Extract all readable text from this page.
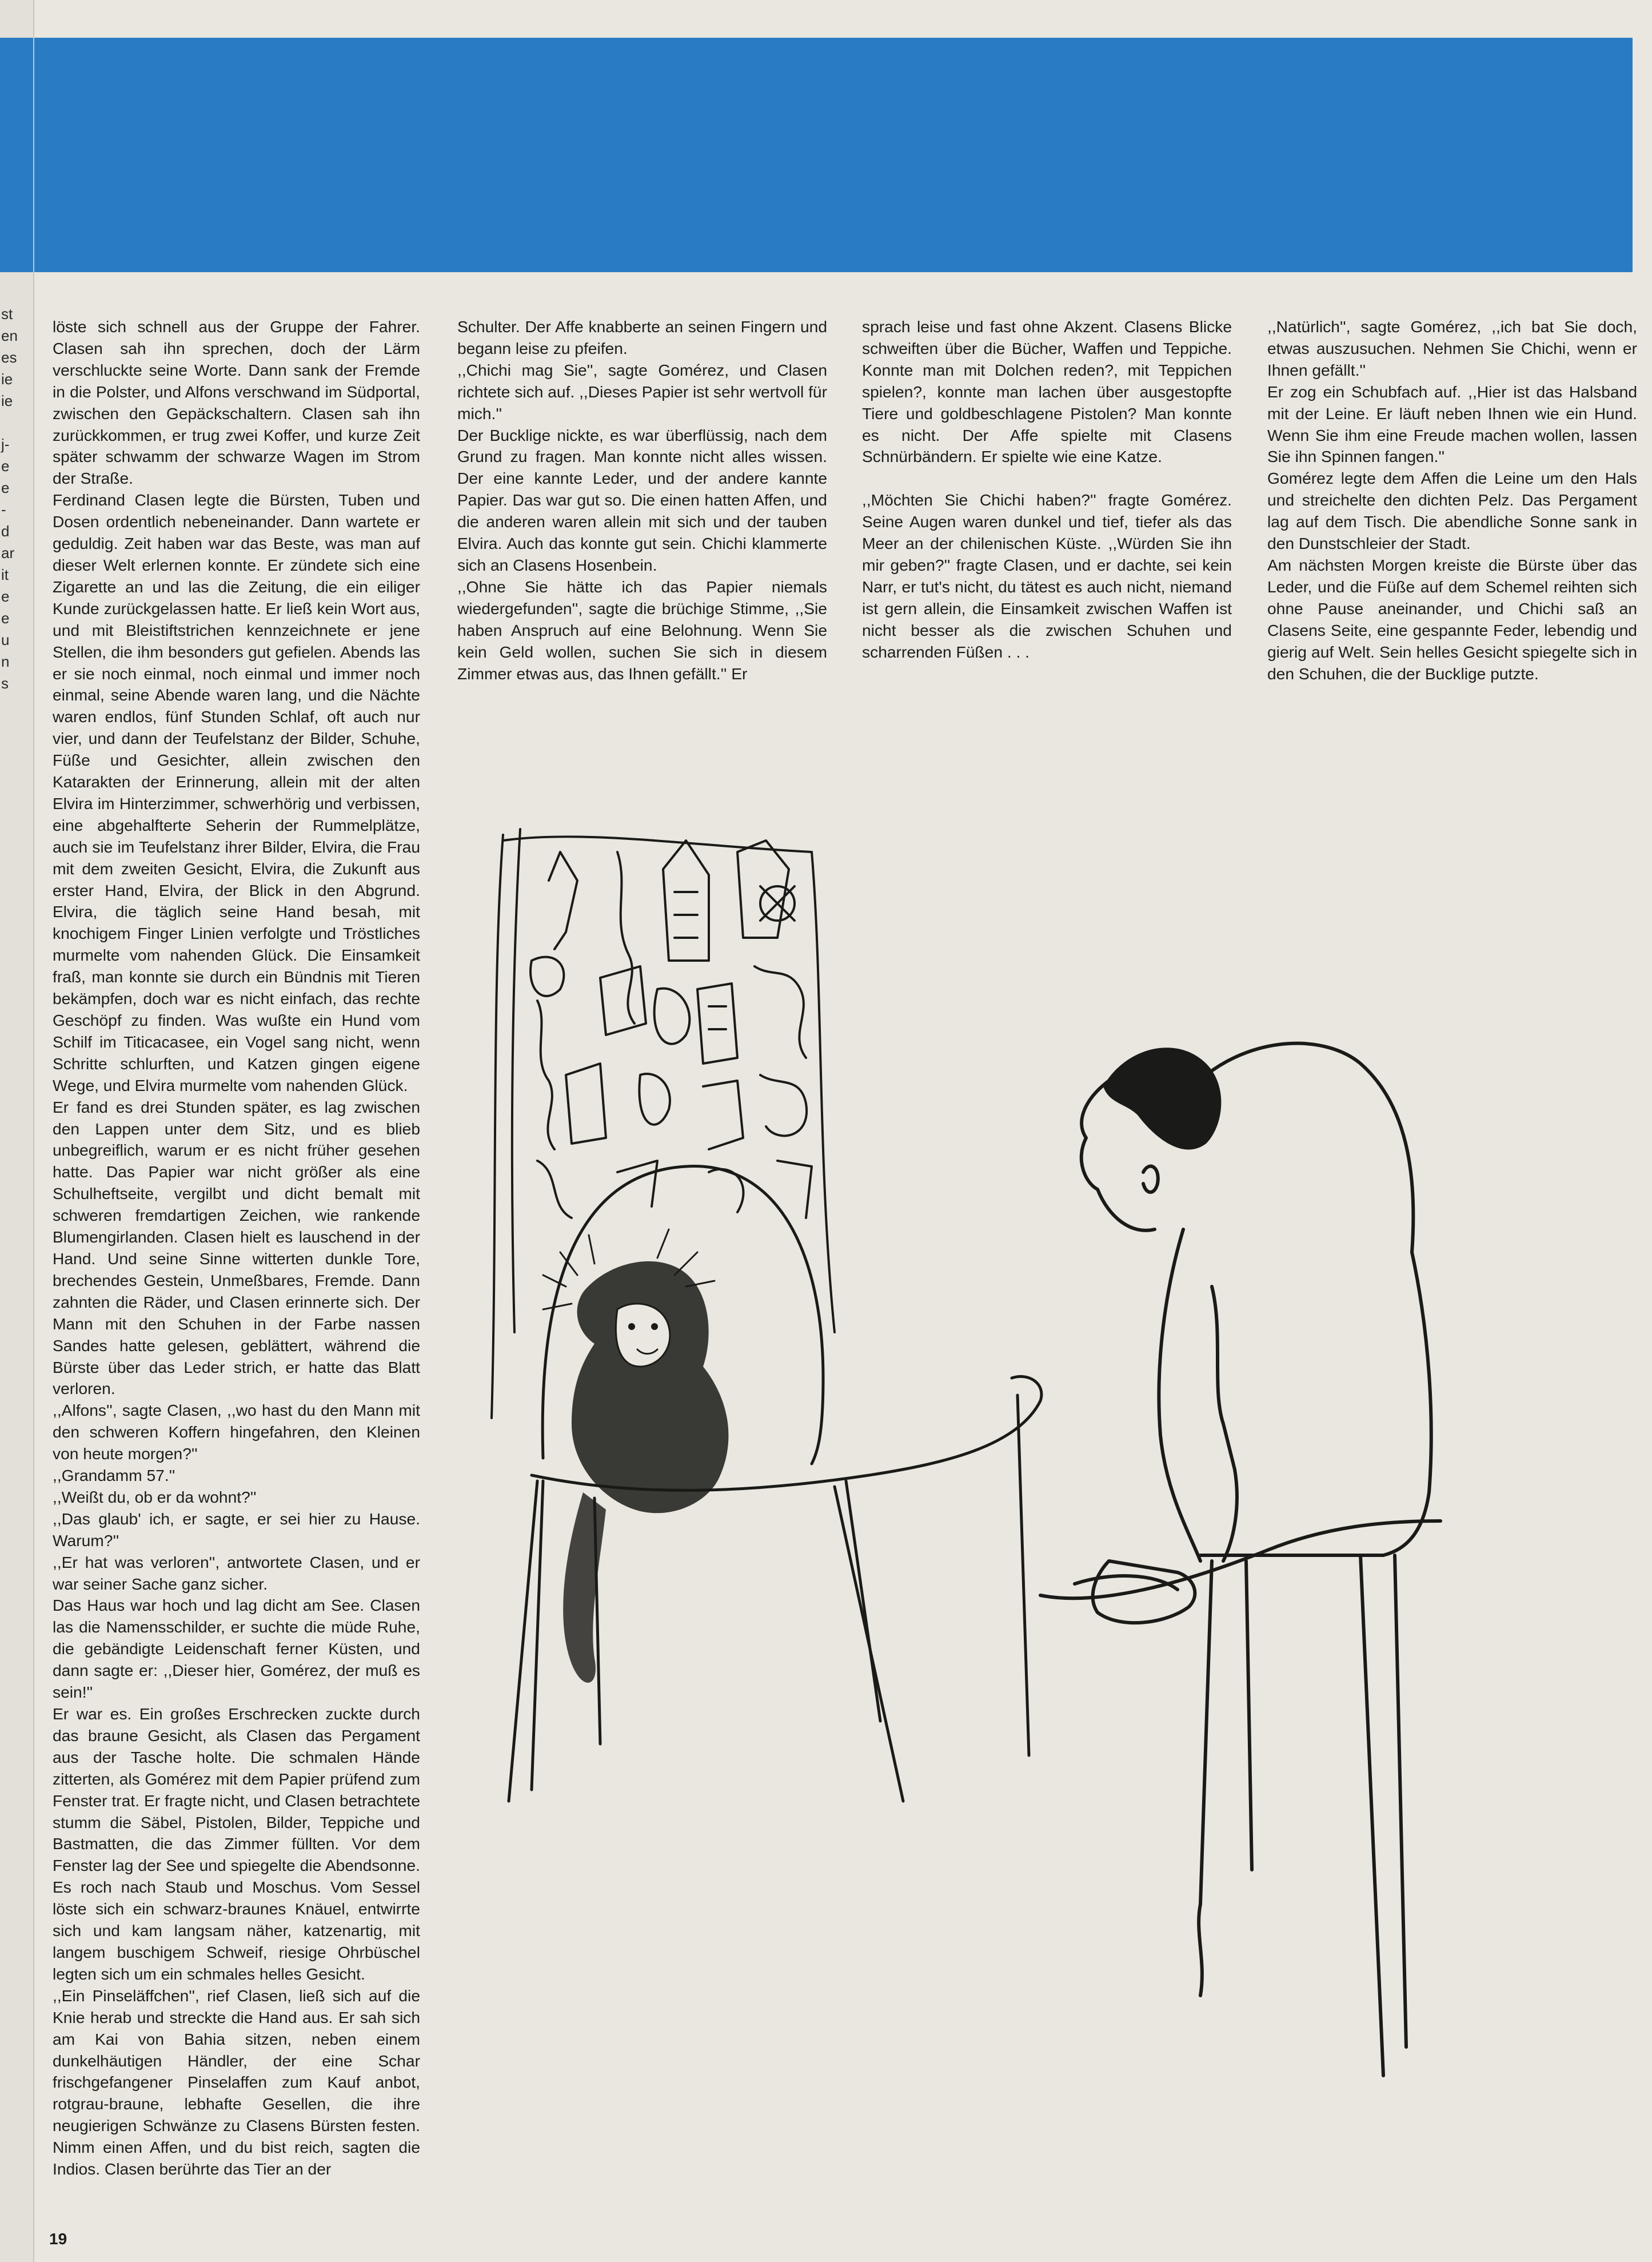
st
en
es
ie
ie
j-
e
e
-
d
ar
it
e
e
u
n
s

löste sich schnell aus der Gruppe der Fahrer. Clasen sah ihn sprechen, doch der Lärm verschluckte seine Worte. Dann sank der Fremde in die Polster, und Alfons verschwand im Südportal, zwischen den Gepäckschaltern. Clasen sah ihn zurückkommen, er trug zwei Koffer, und kurze Zeit später schwamm der schwarze Wagen im Strom der Straße.

Ferdinand Clasen legte die Bürsten, Tuben und Dosen ordentlich nebeneinander. Dann wartete er geduldig. Zeit haben war das Beste, was man auf dieser Welt erlernen konnte. Er zündete sich eine Zigarette an und las die Zeitung, die ein eiliger Kunde zurückgelassen hatte. Er ließ kein Wort aus, und mit Bleistiftstrichen kennzeichnete er jene Stellen, die ihm besonders gut gefielen. Abends las er sie noch einmal, noch einmal und immer noch einmal, seine Abende waren lang, und die Nächte waren endlos, fünf Stunden Schlaf, oft auch nur vier, und dann der Teufelstanz der Bilder, Schuhe, Füße und Gesichter, allein zwischen den Katarakten der Erinnerung, allein mit der alten Elvira im Hinterzimmer, schwerhörig und verbissen, eine abgehalfterte Seherin der Rummelplätze, auch sie im Teufelstanz ihrer Bilder, Elvira, die Frau mit dem zweiten Gesicht, Elvira, die Zukunft aus erster Hand, Elvira, der Blick in den Abgrund. Elvira, die täglich seine Hand besah, mit knochigem Finger Linien verfolgte und Tröstliches murmelte vom nahenden Glück. Die Einsamkeit fraß, man konnte sie durch ein Bündnis mit Tieren bekämpfen, doch war es nicht einfach, das rechte Geschöpf zu finden. Was wußte ein Hund vom Schilf im Titicacasee, ein Vogel sang nicht, wenn Schritte schlurften, und Katzen gingen eigene Wege, und Elvira murmelte vom nahenden Glück.

Er fand es drei Stunden später, es lag zwischen den Lappen unter dem Sitz, und es blieb unbegreiflich, warum er es nicht früher gesehen hatte. Das Papier war nicht größer als eine Schulheftseite, vergilbt und dicht bemalt mit schweren fremdartigen Zeichen, wie rankende Blumengirlanden. Clasen hielt es lauschend in der Hand. Und seine Sinne witterten dunkle Tore, brechendes Gestein, Unmeßbares, Fremde. Dann zahnten die Räder, und Clasen erinnerte sich. Der Mann mit den Schuhen in der Farbe nassen Sandes hatte gelesen, geblättert, während die Bürste über das Leder strich, er hatte das Blatt verloren.

,,Alfons'', sagte Clasen, ,,wo hast du den Mann mit den schweren Koffern hingefahren, den Kleinen von heute morgen?''

,,Grandamm 57.''

,,Weißt du, ob er da wohnt?''

,,Das glaub' ich, er sagte, er sei hier zu Hause. Warum?''

,,Er hat was verloren'', antwortete Clasen, und er war seiner Sache ganz sicher.

Das Haus war hoch und lag dicht am See. Clasen las die Namensschilder, er suchte die müde Ruhe, die gebändigte Leidenschaft ferner Küsten, und dann sagte er: ,,Dieser hier, Gomérez, der muß es sein!''

Er war es. Ein großes Erschrecken zuckte durch das braune Gesicht, als Clasen das Pergament aus der Tasche holte. Die schmalen Hände zitterten, als Gomérez mit dem Papier prüfend zum Fenster trat. Er fragte nicht, und Clasen betrachtete stumm die Säbel, Pistolen, Bilder, Teppiche und Bastmatten, die das Zimmer füllten. Vor dem Fenster lag der See und spiegelte die Abendsonne. Es roch nach Staub und Moschus. Vom Sessel löste sich ein schwarz-braunes Knäuel, entwirrte sich und kam langsam näher, katzenartig, mit langem buschigem Schweif, riesige Ohrbüschel legten sich um ein schmales helles Gesicht.

,,Ein Pinseläffchen'', rief Clasen, ließ sich auf die Knie herab und streckte die Hand aus. Er sah sich am Kai von Bahia sitzen, neben einem dunkelhäutigen Händler, der eine Schar frischgefangener Pinselaffen zum Kauf anbot, rotgrau-braune, lebhafte Gesellen, die ihre neugierigen Schwänze zu Clasens Bürsten festen. Nimm einen Affen, und du bist reich, sagten die Indios. Clasen berührte das Tier an der

Schulter. Der Affe knabberte an seinen Fingern und begann leise zu pfeifen.

,,Chichi mag Sie'', sagte Gomérez, und Clasen richtete sich auf. ,,Dieses Papier ist sehr wertvoll für mich.''

Der Bucklige nickte, es war überflüssig, nach dem Grund zu fragen. Man konnte nicht alles wissen. Der eine kannte Leder, und der andere kannte Papier. Das war gut so. Die einen hatten Affen, und die anderen waren allein mit sich und der tauben Elvira. Auch das konnte gut sein. Chichi klammerte sich an Clasens Hosenbein.

,,Ohne Sie hätte ich das Papier niemals wiedergefunden'', sagte die brüchige Stimme, ,,Sie haben Anspruch auf eine Belohnung. Wenn Sie kein Geld wollen, suchen Sie sich in diesem Zimmer etwas aus, das Ihnen gefällt.'' Er

sprach leise und fast ohne Akzent. Clasens Blicke schweiften über die Bücher, Waffen und Teppiche. Konnte man mit Dolchen reden?, mit Teppichen spielen?, konnte man lachen über ausgestopfte Tiere und goldbeschlagene Pistolen? Man konnte es nicht. Der Affe spielte mit Clasens Schnürbändern. Er spielte wie eine Katze.

,,Möchten Sie Chichi haben?'' fragte Gomérez. Seine Augen waren dunkel und tief, tiefer als das Meer an der chilenischen Küste. ,,Würden Sie ihn mir geben?'' fragte Clasen, und er dachte, sei kein Narr, er tut's nicht, du tätest es auch nicht, niemand ist gern allein, die Einsamkeit zwischen Waffen ist nicht besser als die zwischen Schuhen und scharrenden Füßen . . .

,,Natürlich'', sagte Gomérez, ,,ich bat Sie doch, etwas auszusuchen. Nehmen Sie Chichi, wenn er Ihnen gefällt.''

Er zog ein Schubfach auf. ,,Hier ist das Halsband mit der Leine. Er läuft neben Ihnen wie ein Hund. Wenn Sie ihm eine Freude machen wollen, lassen Sie ihn Spinnen fangen.''

Gomérez legte dem Affen die Leine um den Hals und streichelte den dichten Pelz. Das Pergament lag auf dem Tisch. Die abendliche Sonne sank in den Dunstschleier der Stadt.

Am nächsten Morgen kreiste die Bürste über das Leder, und die Füße auf dem Schemel reihten sich ohne Pause aneinander, und Chichi saß an Clasens Seite, eine gespannte Feder, lebendig und gierig auf Welt. Sein helles Gesicht spiegelte sich in den Schuhen, die der Bucklige putzte.

19
